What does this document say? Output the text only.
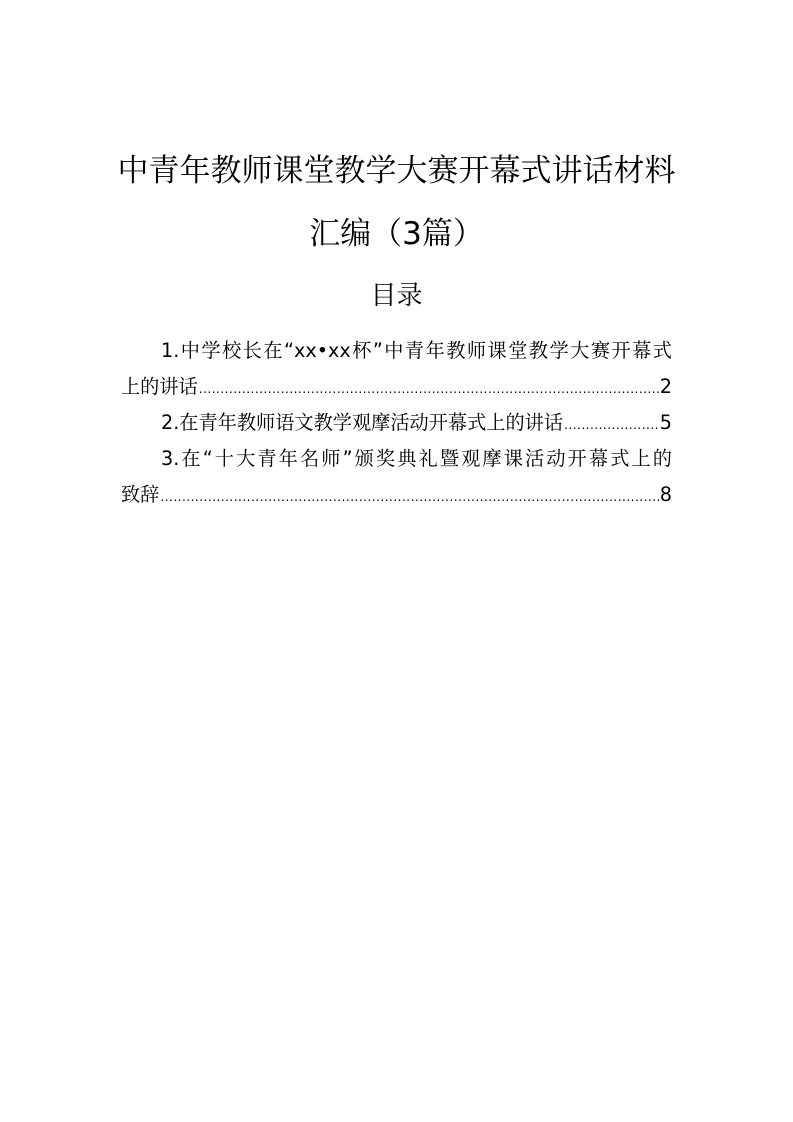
中青年教师课堂教学大赛开幕式讲话材料
汇编（3篇）
目录
1.中学校长在“xx•xx杯”中青年教师课堂教学大赛开幕式
上的讲话 .....	2
2.在青年教师语文教学观摩活动开幕式上的讲话 .....	5
3.在“十大青年名师”颁奖典礼暨观摩课活动开幕式上的
致辞 .....	8
